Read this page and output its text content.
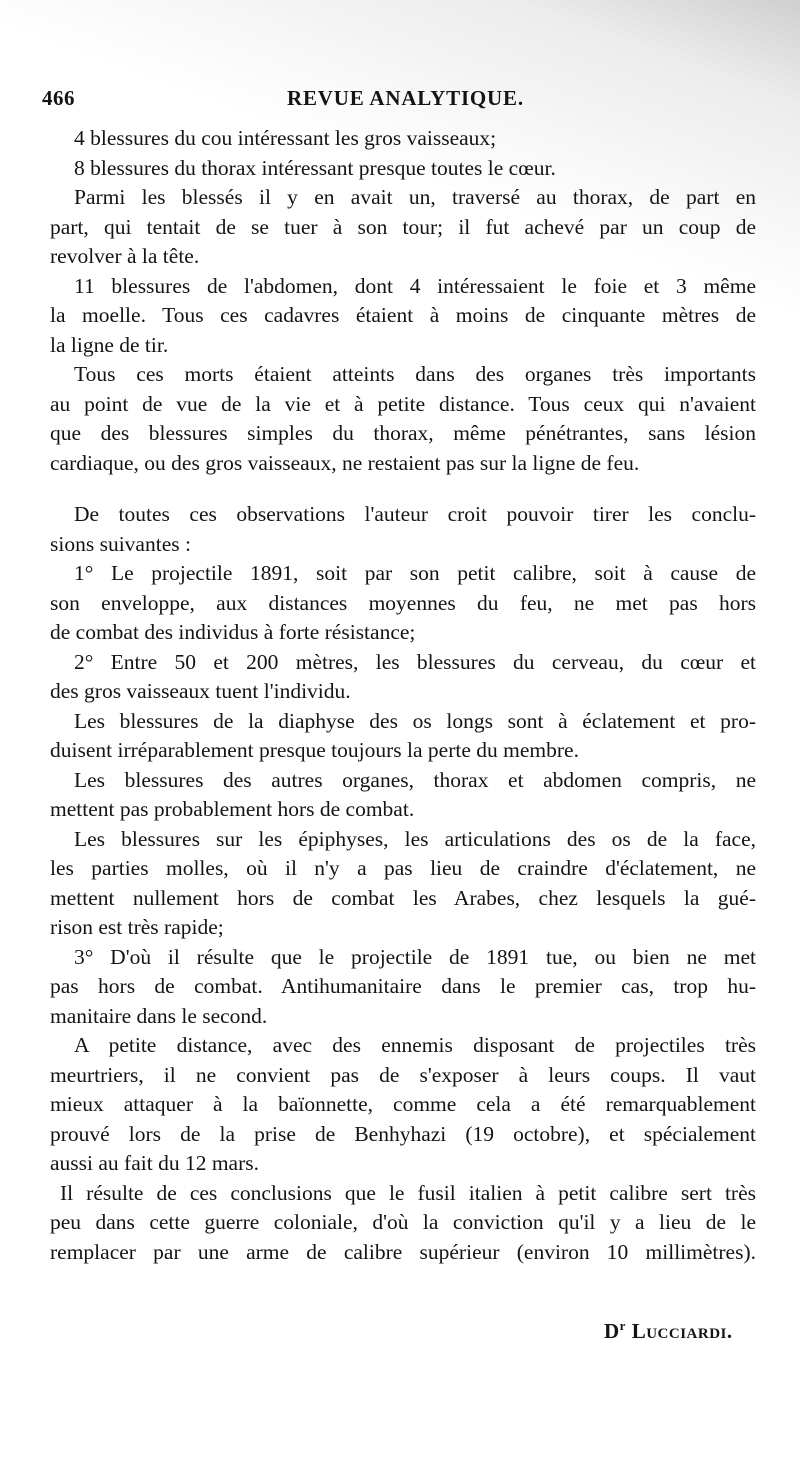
466	REVUE ANALYTIQUE.
4 blessures du cou intéressant les gros vaisseaux;
8 blessures du thorax intéressant presque toutes le cœur.
Parmi les blessés il y en avait un, traversé au thorax, de part en
part, qui tentait de se tuer à son tour; il fut achevé par un coup de
revolver à la tête.
11 blessures de l'abdomen, dont 4 intéressaient le foie et 3 même
la moelle. Tous ces cadavres étaient à moins de cinquante mètres de
la ligne de tir.
Tous ces morts étaient atteints dans des organes très importants
au point de vue de la vie et à petite distance. Tous ceux qui n'avaient
que des blessures simples du thorax, même pénétrantes, sans lésion
cardiaque, ou des gros vaisseaux, ne restaient pas sur la ligne de feu.
De toutes ces observations l'auteur croit pouvoir tirer les conclu-
sions suivantes :
1° Le projectile 1891, soit par son petit calibre, soit à cause de
son enveloppe, aux distances moyennes du feu, ne met pas hors
de combat des individus à forte résistance;
2° Entre 50 et 200 mètres, les blessures du cerveau, du cœur et
des gros vaisseaux tuent l'individu.
Les blessures de la diaphyse des os longs sont à éclatement et pro-
duisent irréparablement presque toujours la perte du membre.
Les blessures des autres organes, thorax et abdomen compris, ne
mettent pas probablement hors de combat.
Les blessures sur les épiphyses, les articulations des os de la face,
les parties molles, où il n'y a pas lieu de craindre d'éclatement, ne
mettent nullement hors de combat les Arabes, chez lesquels la gué-
rison est très rapide;
3° D'où il résulte que le projectile de 1891 tue, ou bien ne met
pas hors de combat. Antihumanitaire dans le premier cas, trop hu-
manitaire dans le second.
A petite distance, avec des ennemis disposant de projectiles très
meurtriers, il ne convient pas de s'exposer à leurs coups. Il vaut
mieux attaquer à la baïonnette, comme cela a été remarquablement
prouvé lors de la prise de Benhyhazi (19 octobre), et spécialement
aussi au fait du 12 mars.
Il résulte de ces conclusions que le fusil italien à petit calibre sert très
peu dans cette guerre coloniale, d'où la conviction qu'il y a lieu de le
remplacer par une arme de calibre supérieur (environ 10 millimètres).
$D^r$ Lucciardi.
